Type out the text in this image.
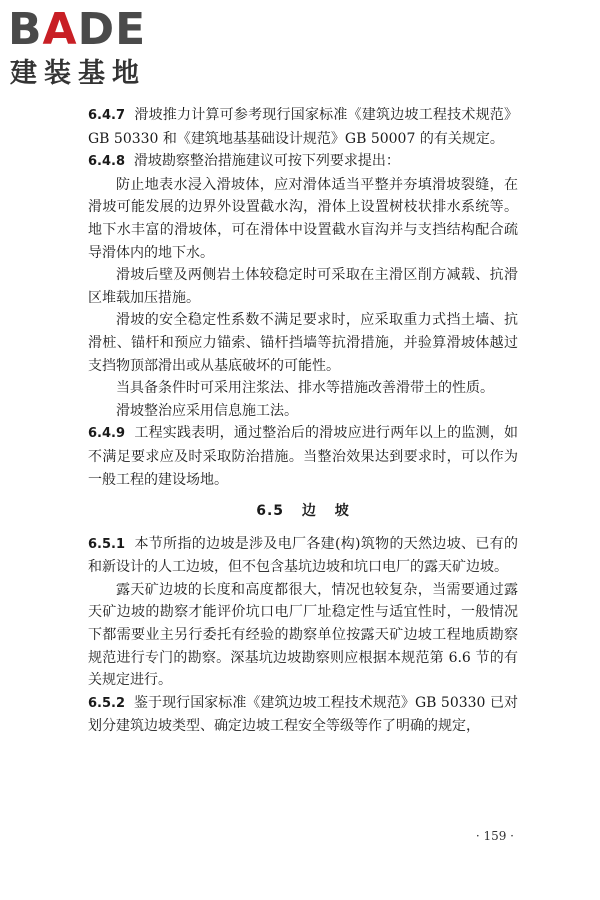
BADE
建装基地

6.4.7 滑坡推力计算可参考现行国家标准《建筑边坡工程技术规范》GB 50330 和《建筑地基基础设计规范》GB 50007 的有关规定。

6.4.8 滑坡勘察整治措施建议可按下列要求提出：

防止地表水浸入滑坡体，应对滑体适当平整并夯填滑坡裂缝，在滑坡可能发展的边界外设置截水沟，滑体上设置树枝状排水系统等。地下水丰富的滑坡体，可在滑体中设置截水盲沟并与支挡结构配合疏导滑体内的地下水。

滑坡后壁及两侧岩土体较稳定时可采取在主滑区削方减载、抗滑区堆载加压措施。

滑坡的安全稳定性系数不满足要求时，应采取重力式挡土墙、抗滑桩、锚杆和预应力锚索、锚杆挡墙等抗滑措施，并验算滑坡体越过支挡物顶部滑出或从基底破坏的可能性。

当具备条件时可采用注浆法、排水等措施改善滑带土的性质。

滑坡整治应采用信息施工法。

6.4.9 工程实践表明，通过整治后的滑坡应进行两年以上的监测，如不满足要求应及时采取防治措施。当整治效果达到要求时，可以作为一般工程的建设场地。

6.5 边 坡

6.5.1 本节所指的边坡是涉及电厂各建(构)筑物的天然边坡、已有的和新设计的人工边坡，但不包含基坑边坡和坑口电厂的露天矿边坡。

露天矿边坡的长度和高度都很大，情况也较复杂，当需要通过露天矿边坡的勘察才能评价坑口电厂厂址稳定性与适宜性时，一般情况下都需要业主另行委托有经验的勘察单位按露天矿边坡工程地质勘察规范进行专门的勘察。深基坑边坡勘察则应根据本规范第 6.6 节的有关规定进行。

6.5.2 鉴于现行国家标准《建筑边坡工程技术规范》GB 50330 已对划分建筑边坡类型、确定边坡工程安全等级等作了明确的规定，

· 159 ·
